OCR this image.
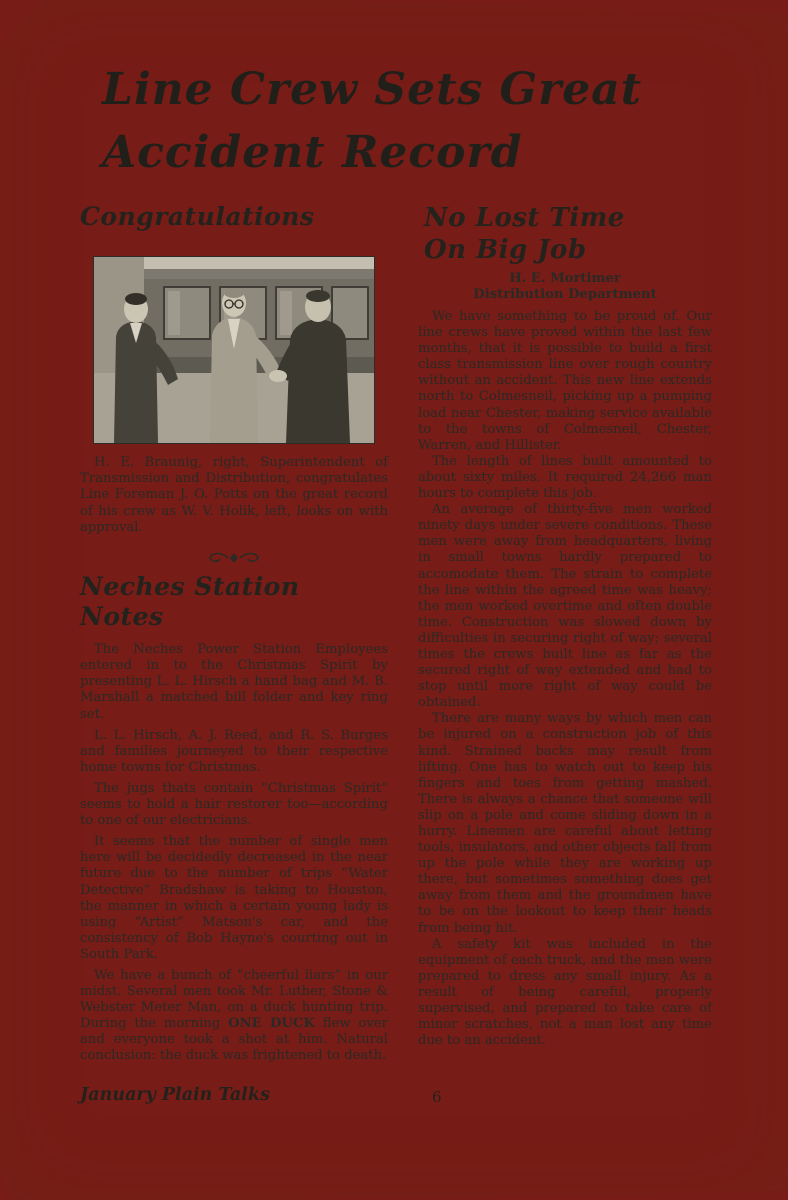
Line Crew Sets Great
Accident Record
Congratulations

H. E. Braunig, right, Superintendent of Transmission and Distribution, congratulates Line Foreman J. O. Potts on the great record of his crew as W. V. Holik, left, looks on with approval.

Neches Station Notes

The Neches Power Station Employees entered in to the Christmas Spirit by presenting L. L. Hirsch a hand bag and M. B. Marshall a matched bill folder and key ring set.

L. L. Hirsch, A. J. Reed, and R. S. Burges and families journeyed to their respective home towns for Christmas.

The jugs thats contain “Christmas Spirit” seems to hold a hair restorer too—according to one of our electricians.

It seems that the number of single men here will be decidedly decreased in the near future due to the number of trips “Water Detective” Bradshaw is taking to Houston, the manner in which a certain young lady is using “Artist” Matson's car, and the consistency of Bob Hayne's courting out in South Park.

We have a bunch of “cheerful liars” in our midst. Several men took Mr. Luther, Stone & Webster Meter Man, on a duck hunting trip. During the morning ONE DUCK flew over and everyone took a shot at him. Natural conclusion: the duck was frightened to death.

No Lost Time
On Big Job
H. E. Mortimer
Distribution Department

We have something to be proud of. Our line crews have proved within the last few months, that it is possible to build a first class transmission line over rough country without an accident. This new line extends north to Colmesneil, picking up a pumping load near Chester, making service available to the towns of Colmesneil, Chester, Warren, and Hillister.

The length of lines built amounted to about sixty miles. It required 24,266 man hours to complete this job.

An average of thirty-five men worked ninety days under severe conditions. These men were away from headquarters, living in small towns hardly prepared to accomodate them. The strain to complete the line within the agreed time was heavy; the men worked overtime and often double time. Construction was slowed down by difficulties in securing right of way; several times the crews built line as far as the secured right of way extended and had to stop until more right of way could be obtained.

There are many ways by which men can be injured on a construction job of this kind. Strained backs may result from lifting. One has to watch out to keep his fingers and toes from getting mashed. There is always a chance that someone will slip on a pole and come sliding down in a hurry. Linemen are careful about letting tools, insulators, and other objects fall from up the pole while they are working up there, but sometimes something does get away from them and the groundmen have to be on the lookout to keep their heads from being hit.

A safety kit was included in the equipment of each truck, and the men were prepared to dress any small injury. As a result of being careful, properly supervised, and prepared to take care of minor scratches, not a man lost any time due to an accident.

January Plain Talks	6
